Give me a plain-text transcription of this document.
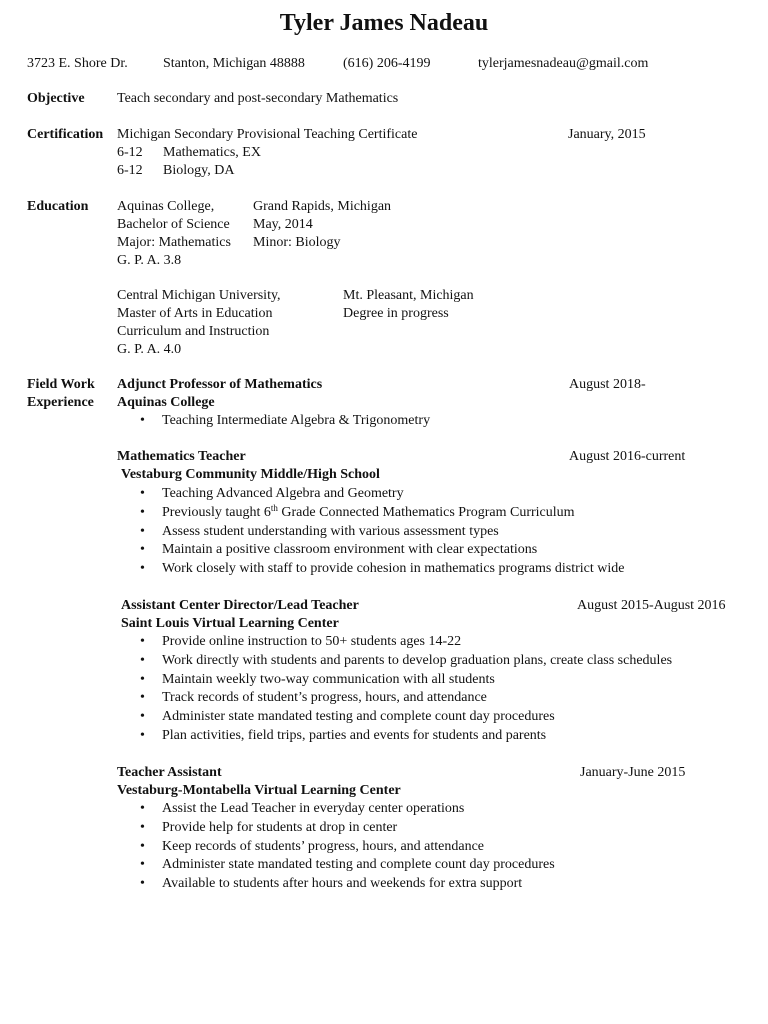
Tyler James Nadeau
3723 E. Shore Dr.	Stanton, Michigan 48888	(616) 206-4199	tylerjamesnadeau@gmail.com
Objective Teach secondary and post-secondary Mathematics
Certification Michigan Secondary Provisional Teaching Certificate	January, 2015
6-12 Mathematics, EX
6-12 Biology, DA
Education Aquinas College,	Grand Rapids, Michigan
Bachelor of Science May, 2014
Major: Mathematics Minor: Biology
G. P. A. 3.8
Central Michigan University,	Mt. Pleasant, Michigan
Master of Arts in Education	Degree in progress
Curriculum and Instruction
G. P. A. 4.0
Field Work
Experience
Adjunct Professor of Mathematics	August 2018-
Aquinas College
• Teaching Intermediate Algebra & Trigonometry
Mathematics Teacher	August 2016-current
Vestaburg Community Middle/High School
• Teaching Advanced Algebra and Geometry
• Previously taught 6th Grade Connected Mathematics Program Curriculum
• Assess student understanding with various assessment types
• Maintain a positive classroom environment with clear expectations
• Work closely with staff to provide cohesion in mathematics programs district wide
Assistant Center Director/Lead Teacher	August 2015-August 2016
Saint Louis Virtual Learning Center
• Provide online instruction to 50+ students ages 14-22
• Work directly with students and parents to develop graduation plans, create class schedules
• Maintain weekly two-way communication with all students
• Track records of student’s progress, hours, and attendance
• Administer state mandated testing and complete count day procedures
• Plan activities, field trips, parties and events for students and parents
Teacher Assistant	January-June 2015
Vestaburg-Montabella Virtual Learning Center
• Assist the Lead Teacher in everyday center operations
• Provide help for students at drop in center
• Keep records of students’ progress, hours, and attendance
• Administer state mandated testing and complete count day procedures
• Available to students after hours and weekends for extra support
